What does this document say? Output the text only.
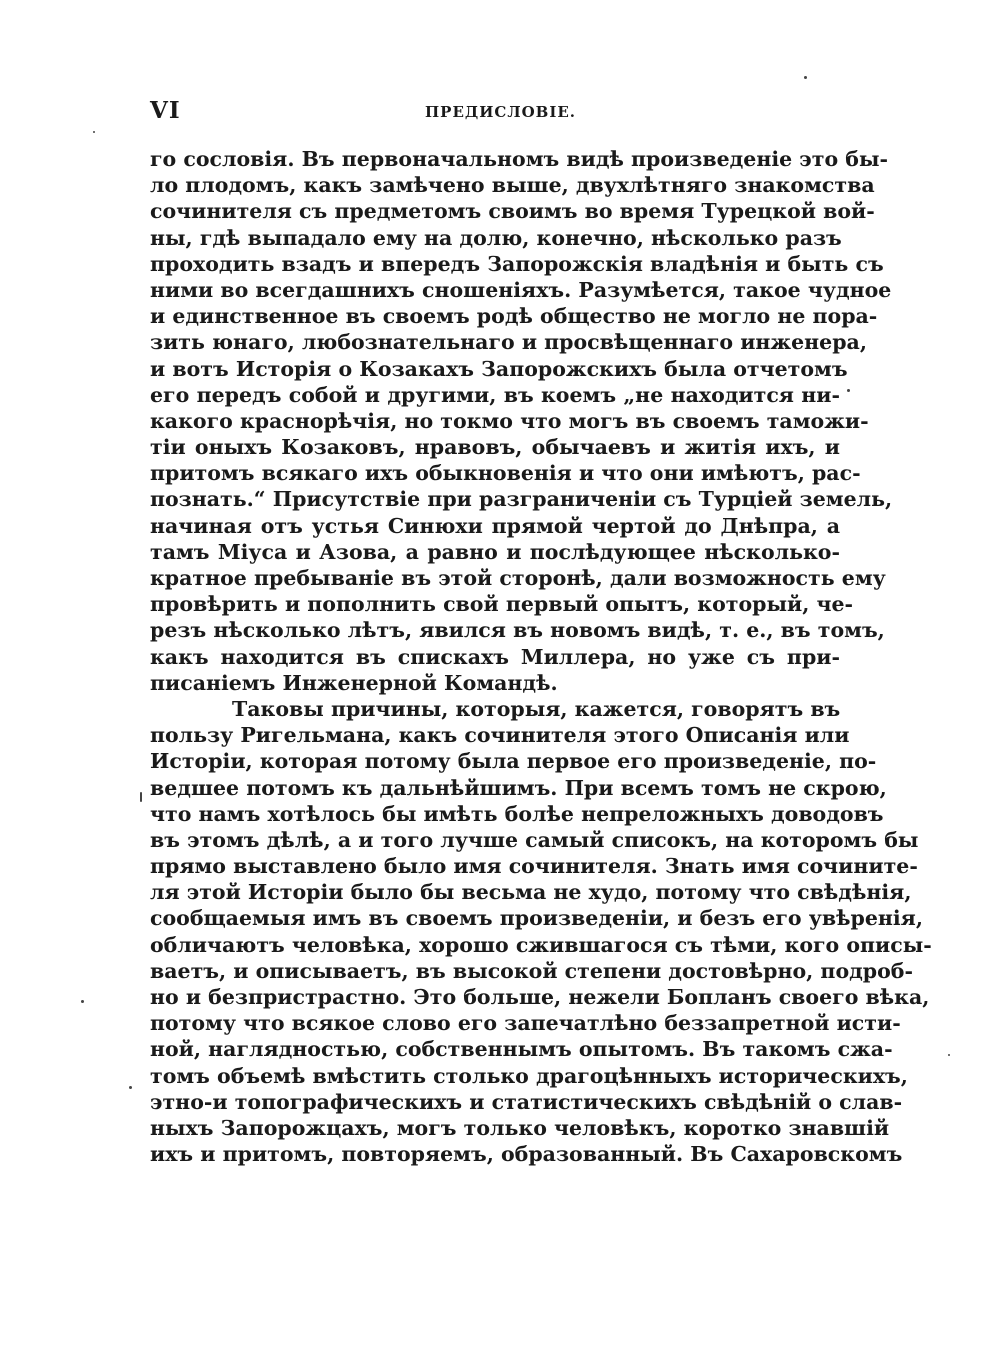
VI	ПРЕДИСЛОВІЕ.
го сословія. Въ первоначальномъ видѣ произведеніе это бы-
ло плодомъ, какъ замѣчено выше, двухлѣтняго знакомства
сочинителя съ предметомъ своимъ во время Турецкой вой-
ны, гдѣ выпадало ему на долю, конечно, нѣсколько разъ
проходить взадъ и впередъ Запорожскія владѣнія и быть съ
ними во всегдашнихъ сношеніяхъ. Разумѣется, такое чудное
и единственное въ своемъ родѣ общество не могло не пора-
зить юнаго, любознательнаго и просвѣщеннаго инженера,
и вотъ Исторія о Козакахъ Запорожскихъ была отчетомъ
его передъ собой и другими, въ коемъ „не находится ни-
какого краснорѣчія, но токмо что могъ въ своемъ таможи-
тіи оныхъ Козаковъ, нравовъ, обычаевъ и житія ихъ, и
притомъ всякаго ихъ обыкновенія и что они имѣютъ, рас-
познать.“ Присутствіе при разграниченіи съ Турціей земель,
начиная отъ устья Синюхи прямой чертой до Днѣпра, а
тамъ Міуса и Азова, а равно и послѣдующее нѣсколько-
кратное пребываніе въ этой сторонѣ, дали возможность ему
провѣрить и пополнить свой первый опытъ, который, че-
резъ нѣсколько лѣтъ, явился въ новомъ видѣ, т. е., въ томъ,
какъ находится въ спискахъ Миллера, но уже съ при-
писаніемъ Инженерной Командѣ.
Таковы причины, которыя, кажется, говорятъ въ
пользу Ригельмана, какъ сочинителя этого Описанія или
Исторіи, которая потому была первое его произведеніе, по-
ведшее потомъ къ дальнѣйшимъ. При всемъ томъ не скрою,
что намъ хотѣлось бы имѣть болѣе непреложныхъ доводовъ
въ этомъ дѣлѣ, а и того лучше самый списокъ, на которомъ бы
прямо выставлено было имя сочинителя. Знать имя сочините-
ля этой Исторіи было бы весьма не худо, потому что свѣдѣнія,
сообщаемыя имъ въ своемъ произведеніи, и безъ его увѣренія,
обличаютъ человѣка, хорошо сжившагося съ тѣми, кого описы-
ваетъ, и описываетъ, въ высокой степени достовѣрно, подроб-
но и безпристрастно. Это больше, нежели Бопланъ своего вѣка,
потому что всякое слово его запечатлѣно беззапретной исти-
ной, наглядностью, собственнымъ опытомъ. Въ такомъ сжа-
томъ объемѣ вмѣстить столько драгоцѣнныхъ историческихъ,
этно-и топографическихъ и статистическихъ свѣдѣній о слав-
ныхъ Запорожцахъ, могъ только человѣкъ, коротко знавшій
ихъ и притомъ, повторяемъ, образованный. Въ Сахаровскомъ
